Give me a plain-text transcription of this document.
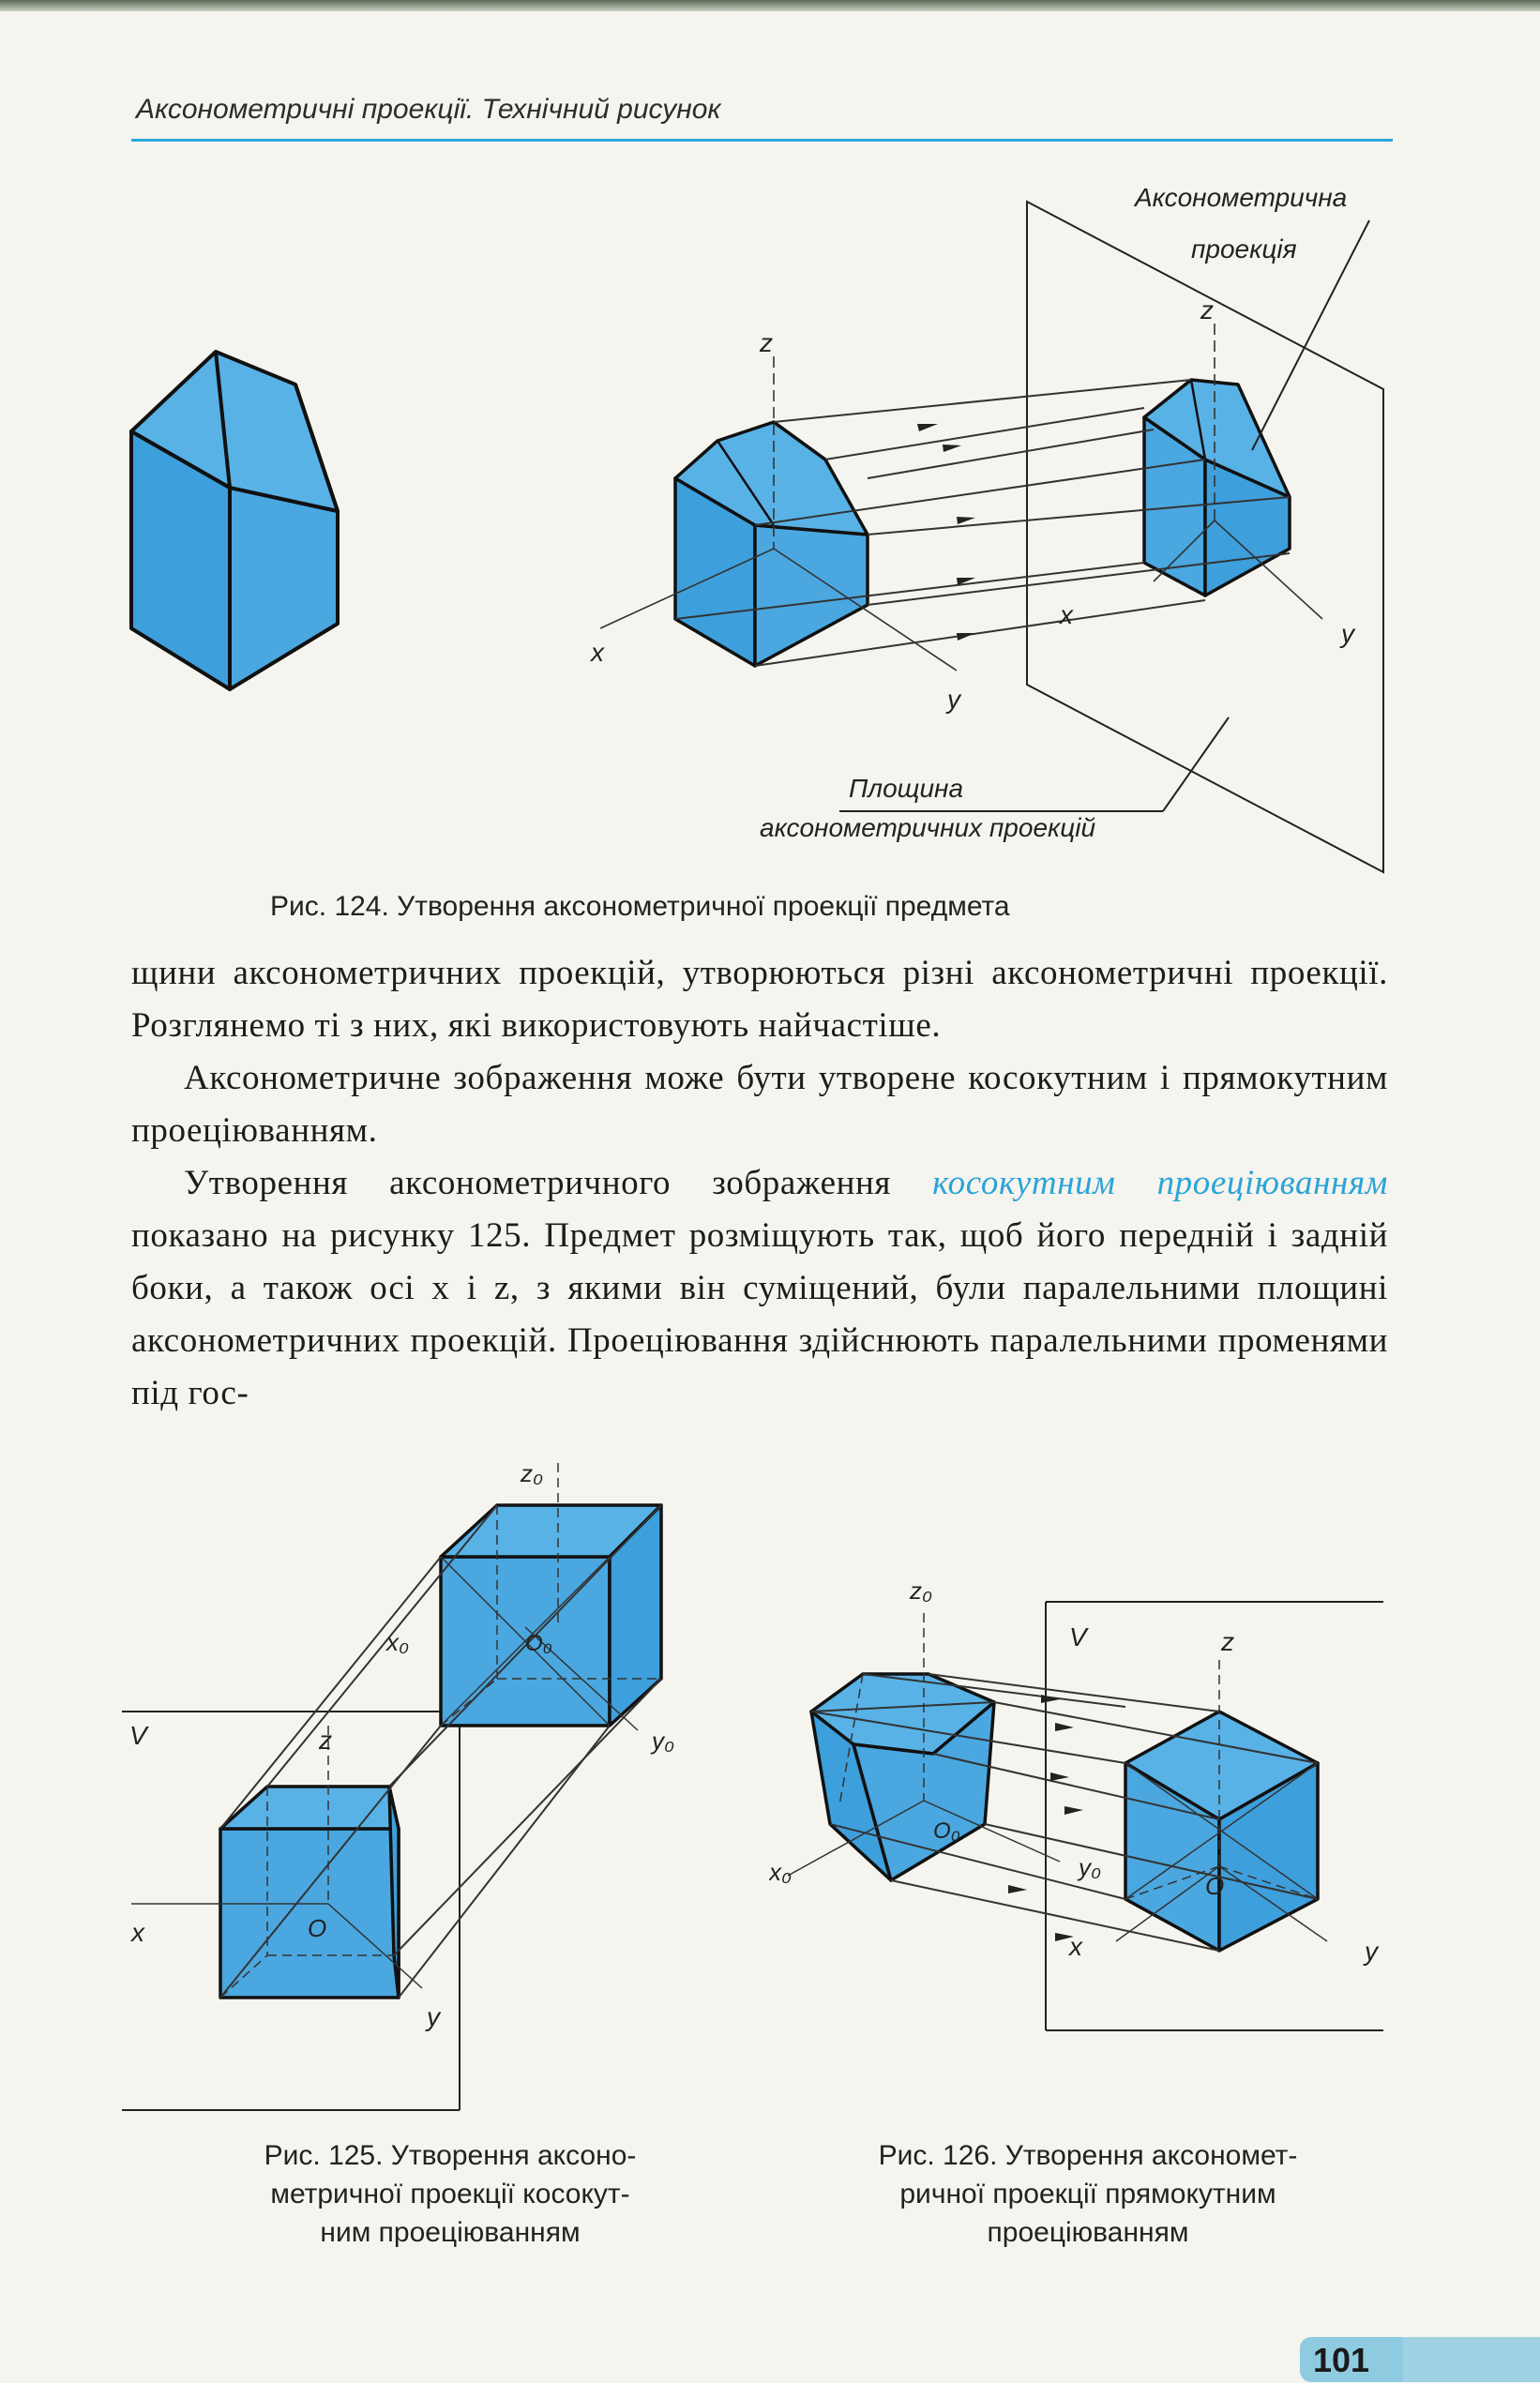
Аксонометричні проекції. Технічний рисунок
Аксонометрична
проекція
Площина
аксонометричних проекцій
z
x
y
z
x
y
Рис. 124. Утворення аксонометричної проекції предмета

щини аксонометричних проекцій, утворюються різні аксонометричні проекції. Розглянемо ті з них, які використовують найчастіше.

Аксонометричне зображення може бути утворене косокутним і прямокутним проеціюванням.

Утворення аксонометричного зображення косокутним проеціюванням показано на рисунку 125. Предмет розміщують так, щоб його передній і задній боки, а також осі x і z, з якими він суміщений, були паралельними площині аксонометричних проекцій. Проеціювання здійснюють паралельними променями під гос-

V
z₀
x₀
y₀
O₀
z
x
y
O
Рис. 125. Утворення аксоно-
метричної проекції косокут-
ним проеціюванням
V
z₀
x₀	y₀
O₀
z
x	y
O
Рис. 126. Утворення аксономет-
ричної проекції прямокутним
проеціюванням
101
